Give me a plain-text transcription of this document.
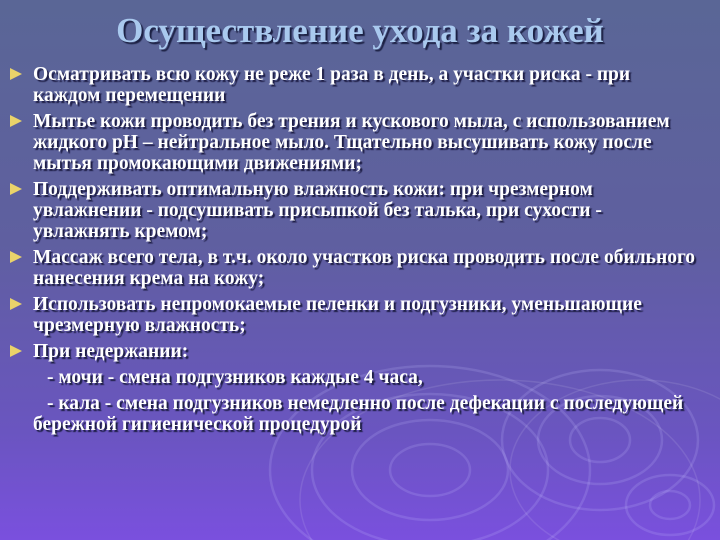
Осуществление ухода за кожей
Осматривать всю кожу не реже 1 раза в день, а участки риска - при каждом перемещении
Мытье кожи проводить без трения и кускового мыла, с использованием жидкого рН – нейтральное мыло. Тщательно высушивать кожу после мытья промокающими движениями;
Поддерживать оптимальную влажность кожи: при чрезмерном увлажнении - подсушивать присыпкой без талька, при сухости - увлажнять кремом;
Массаж всего тела, в т.ч. около участков риска проводить после обильного нанесения крема на кожу;
Использовать непромокаемые пеленки и подгузники, уменьшающие чрезмерную влажность;
При недержании:
- мочи - смена подгузников каждые 4 часа,
- кала - смена подгузников немедленно после дефекации с последующей бережной гигиенической процедурой
